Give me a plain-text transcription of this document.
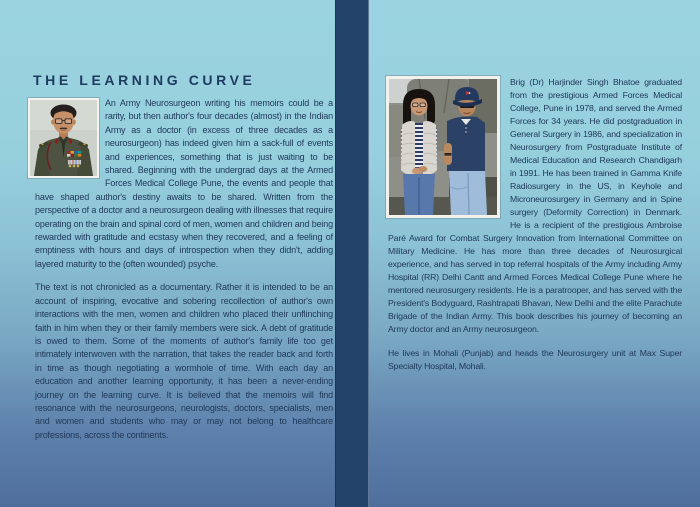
THE LEARNING CURVE

An Army Neurosurgeon writing his memoirs could be a rarity, but then author's four decades (almost) in the Indian Army as a doctor (in excess of three decades as a neurosurgeon) has indeed given him a sack-full of events and experiences, something that is just waiting to be shared. Beginning with the undergrad days at the Armed Forces Medical College Pune, the events and people that have shaped author's destiny awaits to be shared. Written from the perspective of a doctor and a neurosurgeon dealing with illnesses that require operating on the brain and spinal cord of men, women and children and being rewarded with gratitude and ecstasy when they recovered, and a feeling of emptiness with hours and days of introspection when they didn't, adding layered maturity to the (often wounded) psyche.

The text is not chronicled as a documentary. Rather it is intended to be an account of inspiring, evocative and sobering recollection of author's own interactions with the men, women and children who placed their unflinching faith in him when they or their family members were sick. A debt of gratitude is owed to them. Some of the moments of author's family life too get intimately interwoven with the narration, that takes the reader back and forth in time as though negotiating a wormhole of time. With each day an education and another learning opportunity, it has been a never-ending journey on the learning curve. It is believed that the memoirs will find resonance with the neurosurgeons, neurologists, doctors, specialists, men and women and students who may or may not belong to healthcare professions, across the continents.

Brig (Dr) Harjinder Singh Bhatoe graduated from the prestigious Armed Forces Medical College, Pune in 1978, and served the Armed Forces for 34 years. He did postgraduation in General Surgery in 1986, and specialization in Neurosurgery from Postgraduate Institute of Medical Education and Research Chandigarh in 1991. He has been trained in Gamma Knife Radiosurgery in the US, in Keyhole and Microneurosurgery in Germany and in Spine surgery (Deformity Correction) in Denmark. He is a recipient of the prestigious Ambroise Paré Award for Combat Surgery Innovation from International Committee on Military Medicine. He has more than three decades of Neurosurgical experience, and has served in top referral hospitals of the Army including Army Hospital (RR) Delhi Cantt and Armed Forces Medical College Pune where he mentored neurosurgery residents. He is a paratrooper, and has served with the President's Bodyguard, Rashtrapati Bhavan, New Delhi and the elite Parachute Brigade of the Indian Army. This book describes his journey of becoming an Army doctor and an Army neurosurgeon.

He lives in Mohali (Punjab) and heads the Neurosurgery unit at Max Super Specialty Hospital, Mohali.
